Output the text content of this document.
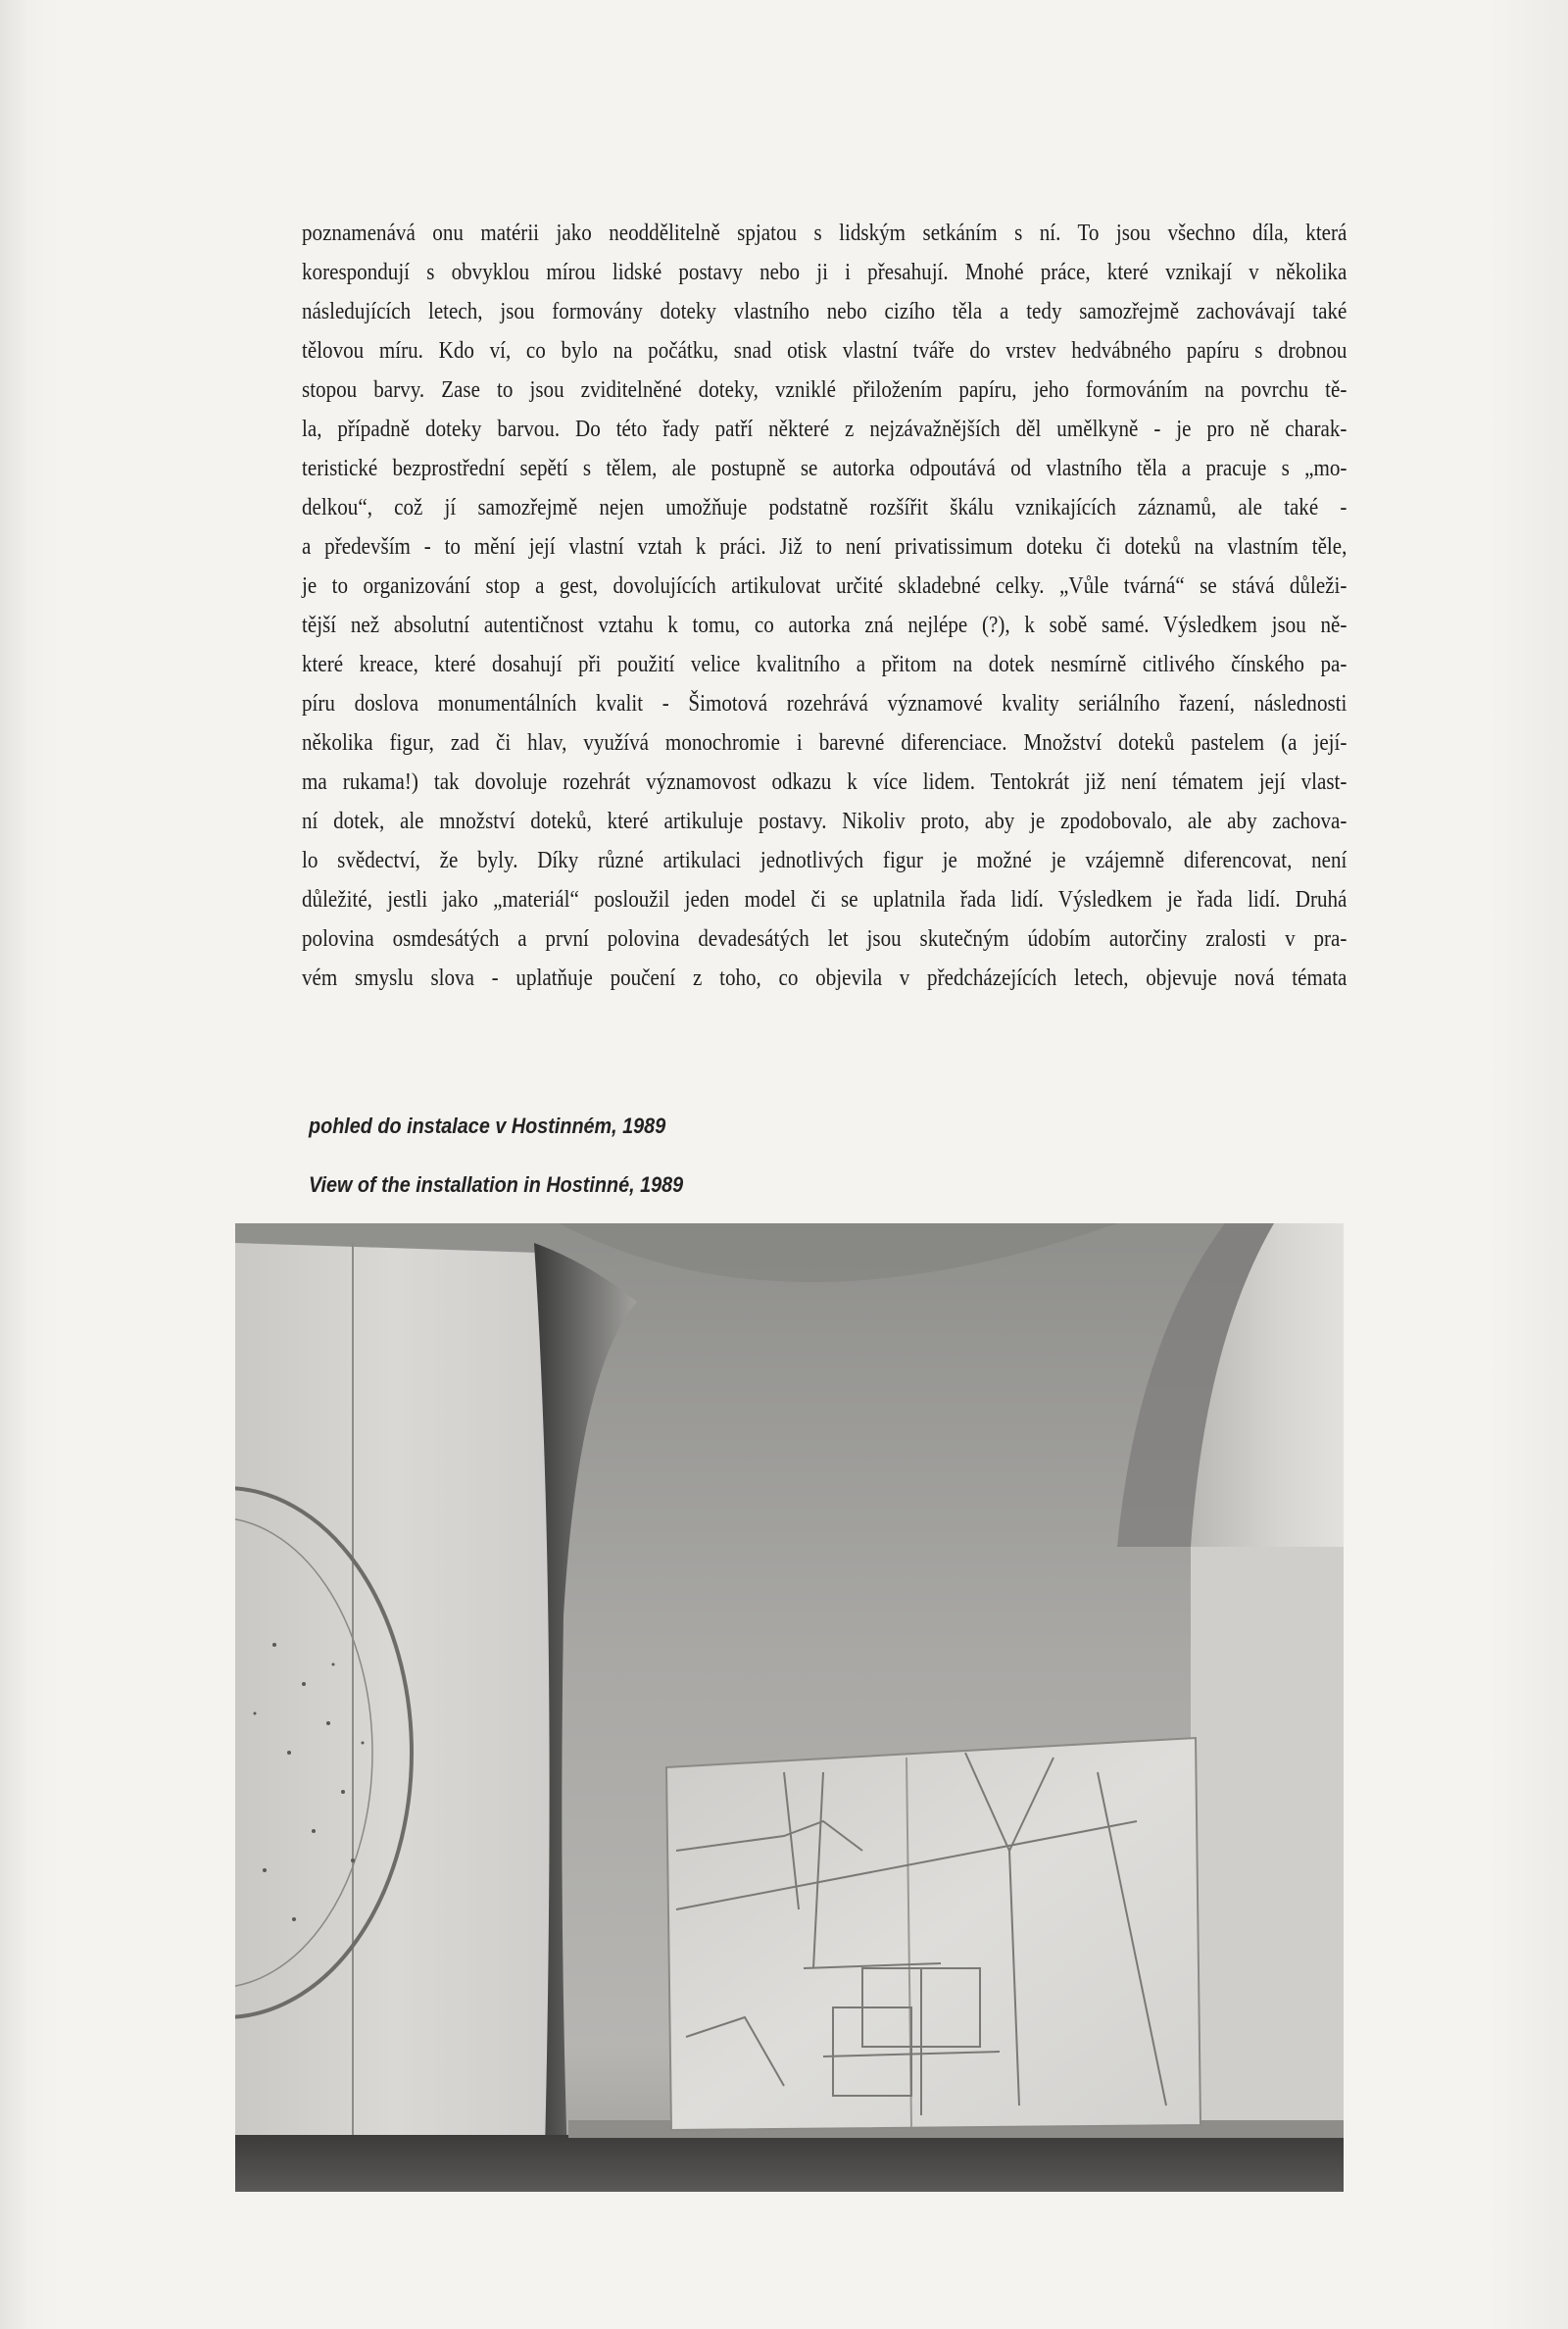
poznamenává onu matérii jako neoddělitelně spjatou s lidským setkáním s ní. To jsou všechno díla, která
korespondují s obvyklou mírou lidské postavy nebo ji i přesahují. Mnohé práce, které vznikají v několika
následujících letech, jsou formovány doteky vlastního nebo cizího těla a tedy samozřejmě zachovávají také
tělovou míru. Kdo ví, co bylo na počátku, snad otisk vlastní tváře do vrstev hedvábného papíru s drobnou
stopou barvy. Zase to jsou zviditelněné doteky, vzniklé přiložením papíru, jeho formováním na povrchu tě-
la, případně doteky barvou. Do této řady patří některé z nejzávažnějších děl umělkyně - je pro ně charak-
teristické bezprostřední sepětí s tělem, ale postupně se autorka odpoutává od vlastního těla a pracuje s „mo-
delkou“, což jí samozřejmě nejen umožňuje podstatně rozšířit škálu vznikajících záznamů, ale také -
a především - to mění její vlastní vztah k práci. Již to není privatissimum doteku či doteků na vlastním těle,
je to organizování stop a gest, dovolujících artikulovat určité skladebné celky. „Vůle tvárná“ se stává důleži-
tější než absolutní autentičnost vztahu k tomu, co autorka zná nejlépe (?), k sobě samé. Výsledkem jsou ně-
které kreace, které dosahují při použití velice kvalitního a přitom na dotek nesmírně citlivého čínského pa-
píru doslova monumentálních kvalit - Šimotová rozehrává významové kvality seriálního řazení, následnosti
několika figur, zad či hlav, využívá monochromie i barevné diferenciace. Množství doteků pastelem (a její-
ma rukama!) tak dovoluje rozehrát významovost odkazu k více lidem. Tentokrát již není tématem její vlast-
ní dotek, ale množství doteků, které artikuluje postavy. Nikoliv proto, aby je zpodobovalo, ale aby zachova-
lo svědectví, že byly. Díky různé artikulaci jednotlivých figur je možné je vzájemně diferencovat, není
důležité, jestli jako „materiál“ posloužil jeden model či se uplatnila řada lidí. Výsledkem je řada lidí. Druhá
polovina osmdesátých a první polovina devadesátých let jsou skutečným údobím autorčiny zralosti v pra-
vém smyslu slova - uplatňuje poučení z toho, co objevila v předcházejících letech, objevuje nová témata
pohled do instalace v Hostinném, 1989
View of the installation in Hostinné, 1989
